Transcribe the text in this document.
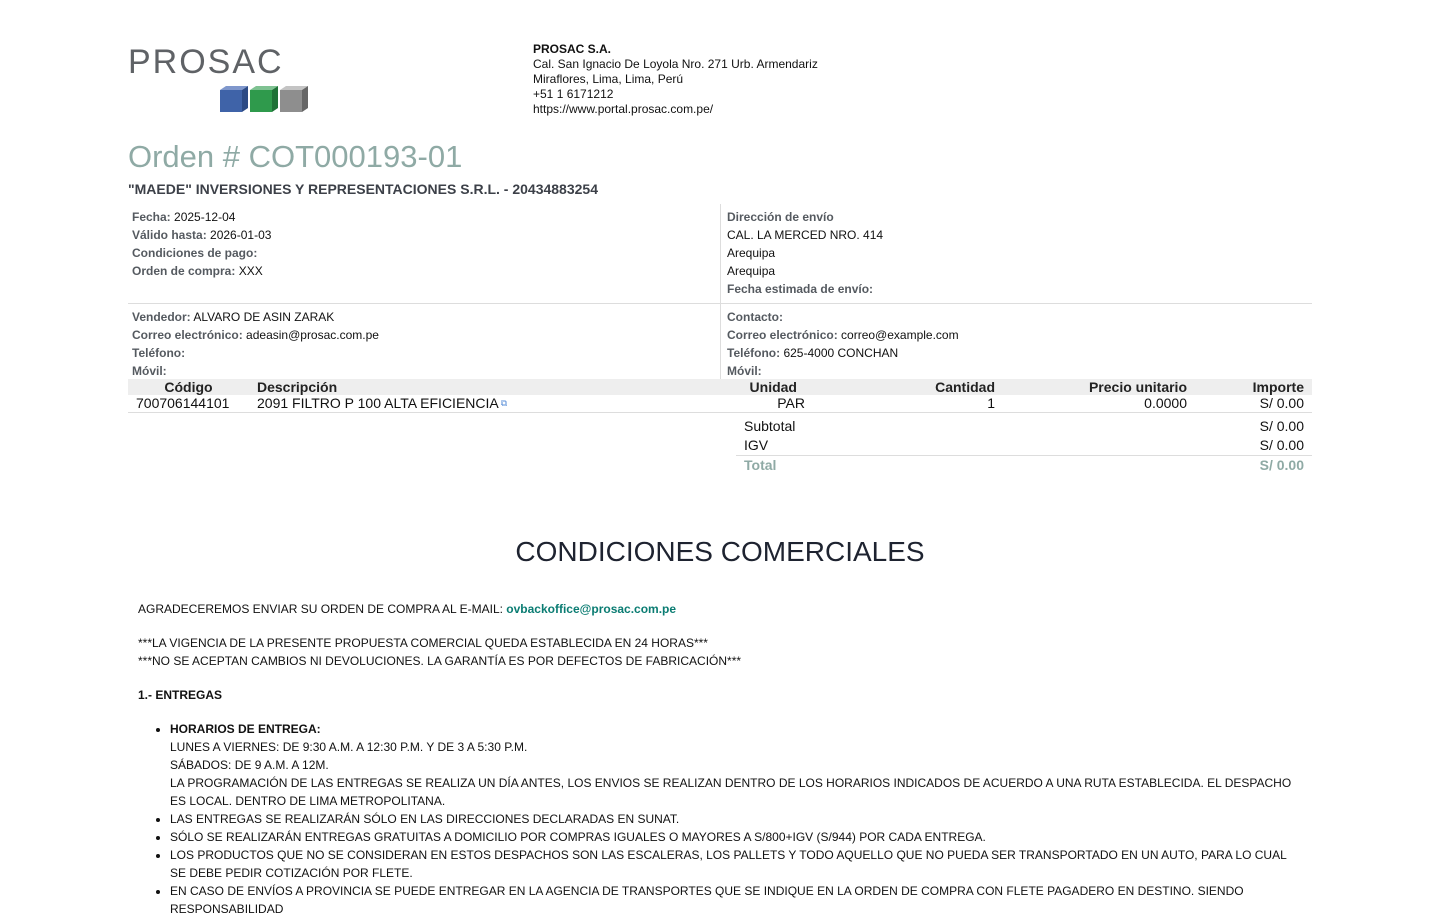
PROSAC	PROSAC S.A.
Cal. San Ignacio De Loyola Nro. 271 Urb. Armendariz
Miraflores, Lima, Lima, Perú
+51 1 6171212
https://www.portal.prosac.com.pe/
Orden # COT000193-01
"MAEDE" INVERSIONES Y REPRESENTACIONES S.R.L. - 20434883254
Fecha: 2025-12-04
Válido hasta: 2026-01-03
Condiciones de pago:
Orden de compra: XXX
Dirección de envío
CAL. LA MERCED NRO. 414
Arequipa
Arequipa
Fecha estimada de envío:
Vendedor: ALVARO DE ASIN ZARAK
Correo electrónico: adeasin@prosac.com.pe
Teléfono:
Móvil:
Contacto:
Correo electrónico: correo@example.com
Teléfono: 625-4000 CONCHAN
Móvil:
Código	Descripción	Unidad	Cantidad	Precio unitario	Importe
700706144101	2091 FILTRO P 100 ALTA EFICIENCIA ⧉	PAR	1	0.0000	S/ 0.00
Subtotal	S/ 0.00
IGV	S/ 0.00
Total	S/ 0.00
CONDICIONES COMERCIALES

AGRADECEREMOS ENVIAR SU ORDEN DE COMPRA AL E-MAIL: ovbackoffice@prosac.com.pe

***LA VIGENCIA DE LA PRESENTE PROPUESTA COMERCIAL QUEDA ESTABLECIDA EN 24 HORAS***

***NO SE ACEPTAN CAMBIOS NI DEVOLUCIONES. LA GARANTÍA ES POR DEFECTOS DE FABRICACIÓN***

1.- ENTREGAS

• HORARIOS DE ENTREGA:
LUNES A VIERNES: DE 9:30 A.M. A 12:30 P.M. Y DE 3 A 5:30 P.M.
SÁBADOS: DE 9 A.M. A 12M.
LA PROGRAMACIÓN DE LAS ENTREGAS SE REALIZA UN DÍA ANTES, LOS ENVIOS SE REALIZAN DENTRO DE LOS HORARIOS INDICADOS DE ACUERDO A UNA RUTA ESTABLECIDA. EL DESPACHO ES LOCAL. DENTRO DE LIMA METROPOLITANA.
• LAS ENTREGAS SE REALIZARÁN SÓLO EN LAS DIRECCIONES DECLARADAS EN SUNAT.
• SÓLO SE REALIZARÁN ENTREGAS GRATUITAS A DOMICILIO POR COMPRAS IGUALES O MAYORES A S/800+IGV (S/944) POR CADA ENTREGA.
• LOS PRODUCTOS QUE NO SE CONSIDERAN EN ESTOS DESPACHOS SON LAS ESCALERAS, LOS PALLETS Y TODO AQUELLO QUE NO PUEDA SER TRANSPORTADO EN UN AUTO, PARA LO CUAL SE DEBE PEDIR COTIZACIÓN POR FLETE.
• EN CASO DE ENVÍOS A PROVINCIA SE PUEDE ENTREGAR EN LA AGENCIA DE TRANSPORTES QUE SE INDIQUE EN LA ORDEN DE COMPRA CON FLETE PAGADERO EN DESTINO. SIENDO RESPONSABILIDAD
